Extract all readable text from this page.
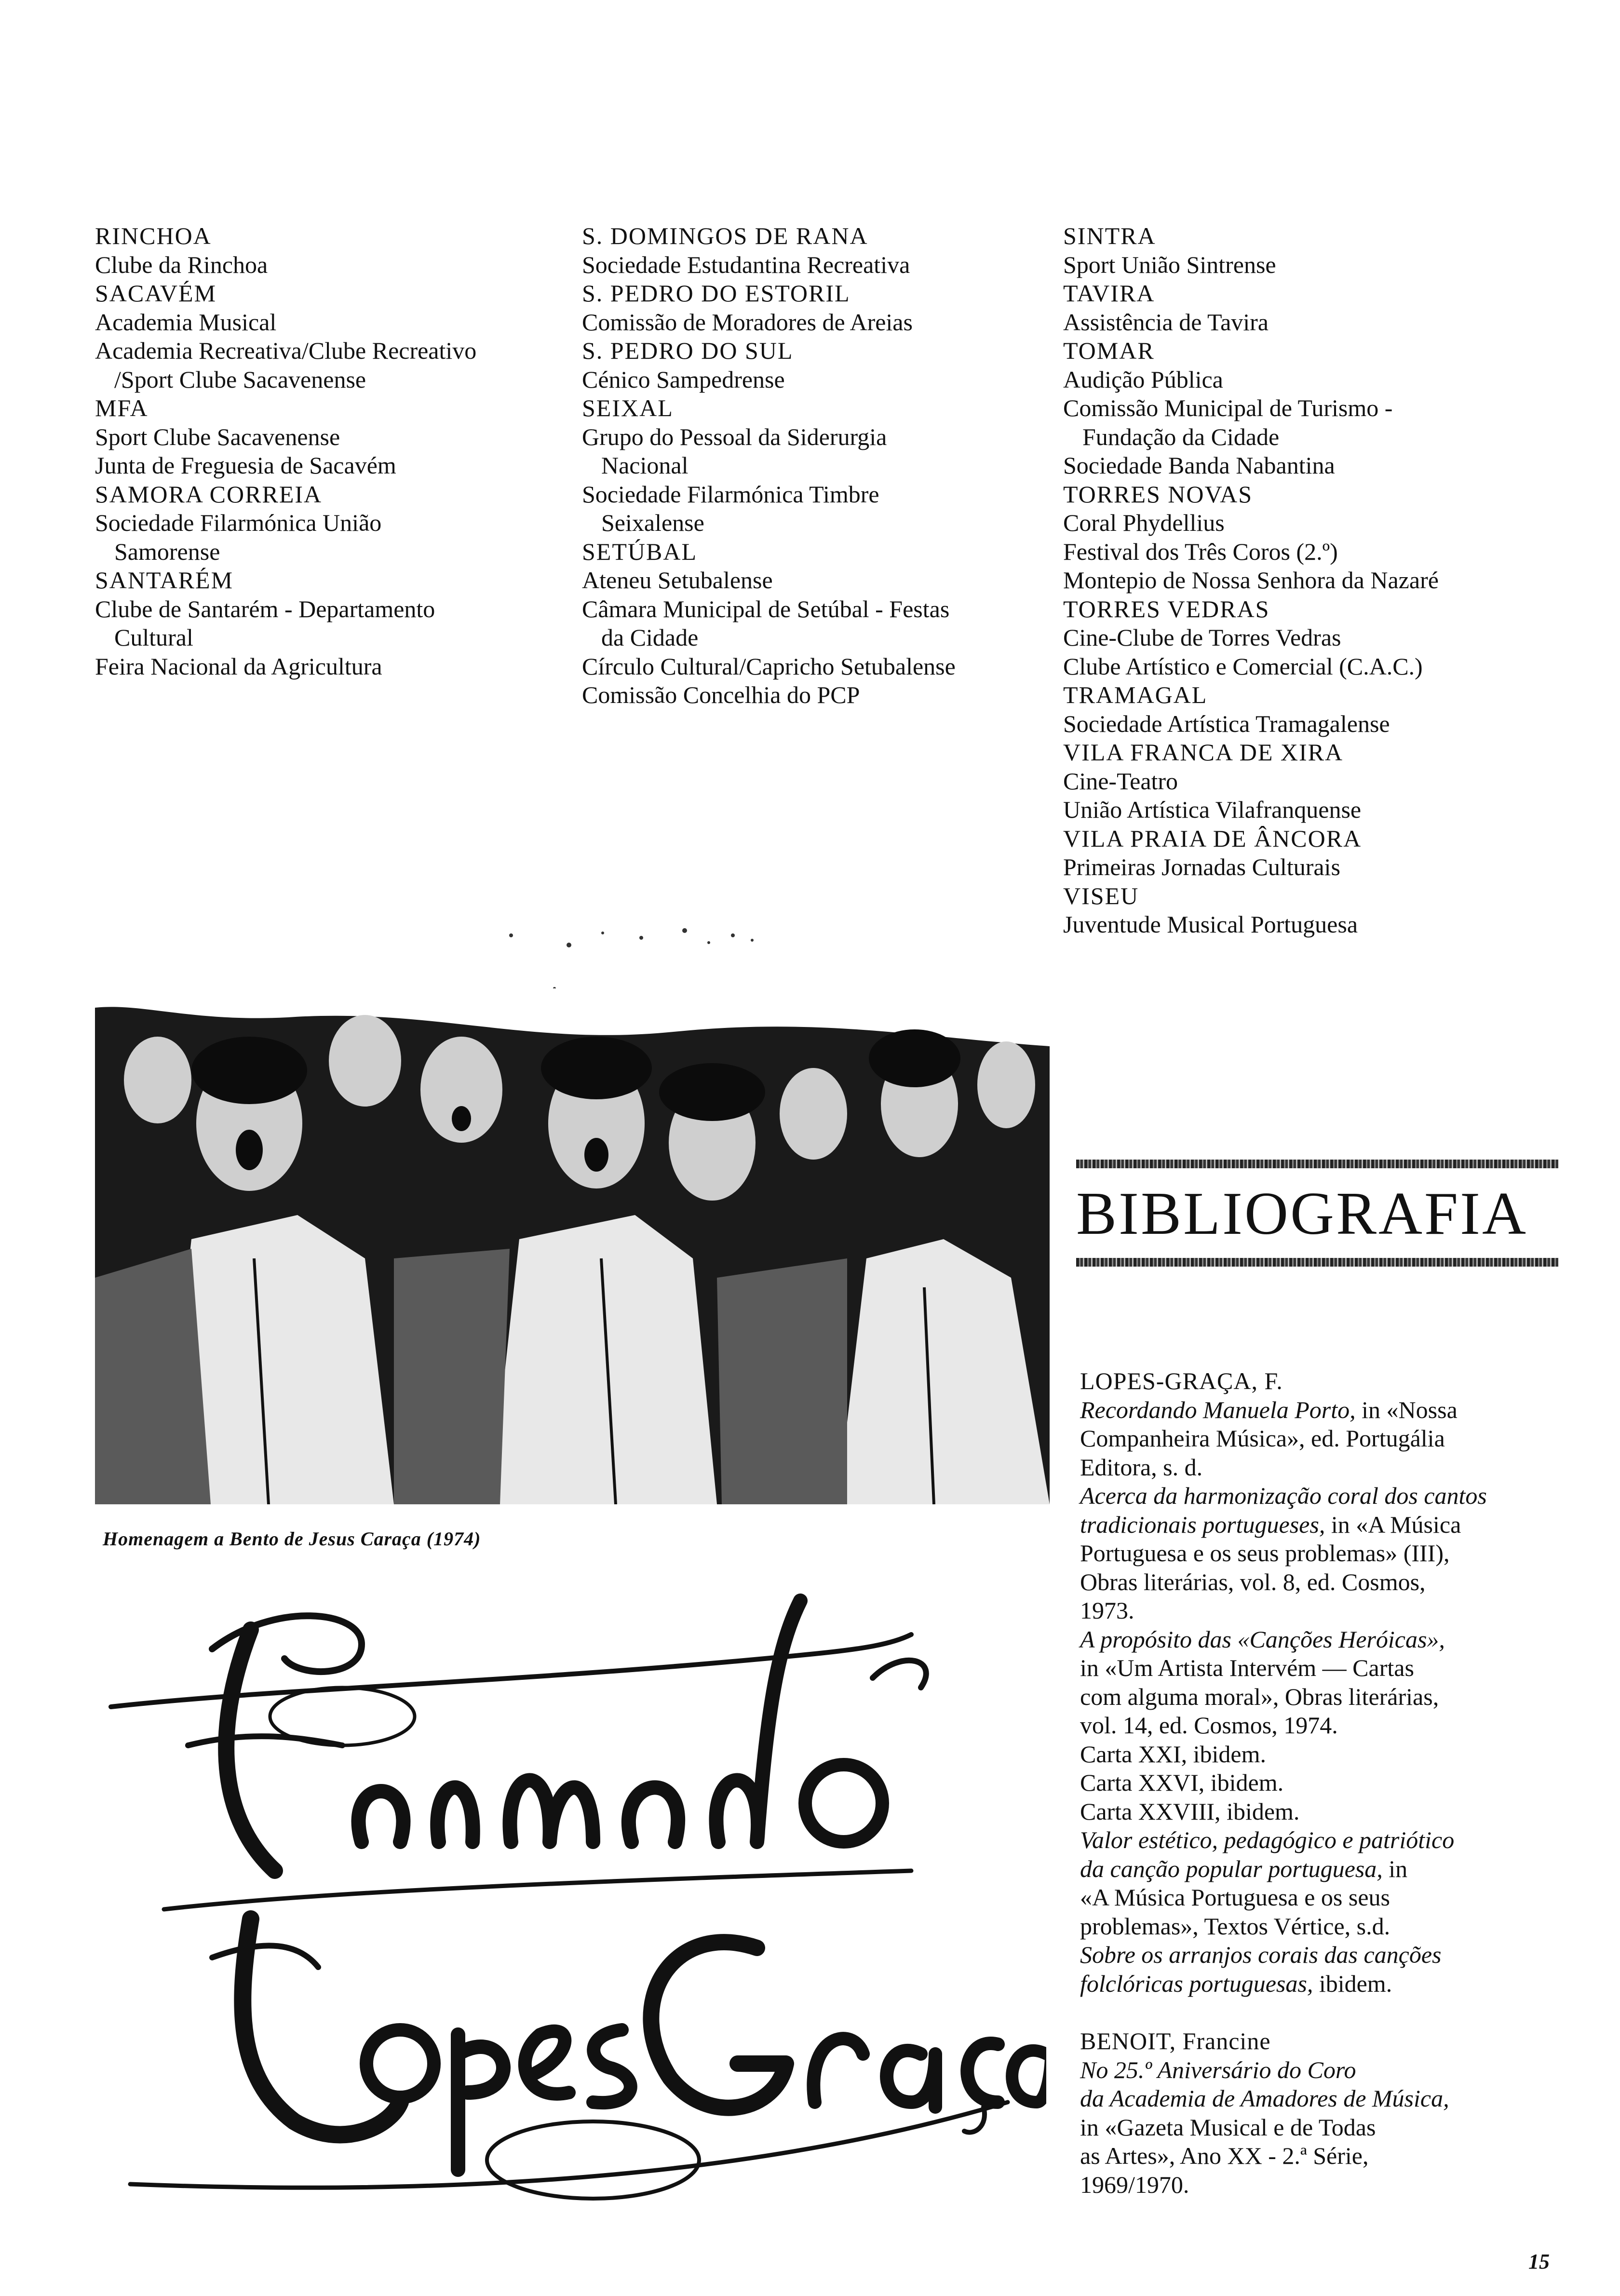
RINCHOA
Clube da Rinchoa
SACAVÉM
Academia Musical
Academia Recreativa/Clube Recreativo
/Sport Clube Sacavenense
MFA
Sport Clube Sacavenense
Junta de Freguesia de Sacavém
SAMORA CORREIA
Sociedade Filarmónica União
Samorense
SANTARÉM
Clube de Santarém - Departamento
Cultural
Feira Nacional da Agricultura
S. DOMINGOS DE RANA
Sociedade Estudantina Recreativa
S. PEDRO DO ESTORIL
Comissão de Moradores de Areias
S. PEDRO DO SUL
Cénico Sampedrense
SEIXAL
Grupo do Pessoal da Siderurgia
Nacional
Sociedade Filarmónica Timbre
Seixalense
SETÚBAL
Ateneu Setubalense
Câmara Municipal de Setúbal - Festas
da Cidade
Círculo Cultural/Capricho Setubalense
Comissão Concelhia do PCP
SINTRA
Sport União Sintrense
TAVIRA
Assistência de Tavira
TOMAR
Audição Pública
Comissão Municipal de Turismo -
Fundação da Cidade
Sociedade Banda Nabantina
TORRES NOVAS
Coral Phydellius
Festival dos Três Coros (2.º)
Montepio de Nossa Senhora da Nazaré
TORRES VEDRAS
Cine-Clube de Torres Vedras
Clube Artístico e Comercial (C.A.C.)
TRAMAGAL
Sociedade Artística Tramagalense
VILA FRANCA DE XIRA
Cine-Teatro
União Artística Vilafranquense
VILA PRAIA DE ÂNCORA
Primeiras Jornadas Culturais
VISEU
Juventude Musical Portuguesa
Homenagem a Bento de Jesus Caraça (1974)
BIBLIOGRAFIA
LOPES-GRAÇA, F.
Recordando Manuela Porto, in «Nossa
Companheira Música», ed. Portugália
Editora, s. d.
Acerca da harmonização coral dos cantos
tradicionais portugueses, in «A Música
Portuguesa e os seus problemas» (III),
Obras literárias, vol. 8, ed. Cosmos,
1973.
A propósito das «Canções Heróicas»,
in «Um Artista Intervém — Cartas
com alguma moral», Obras literárias,
vol. 14, ed. Cosmos, 1974.
Carta XXI, ibidem.
Carta XXVI, ibidem.
Carta XXVIII, ibidem.
Valor estético, pedagógico e patriótico
da canção popular portuguesa, in
«A Música Portuguesa e os seus
problemas», Textos Vértice, s.d.
Sobre os arranjos corais das canções
folclóricas portuguesas, ibidem.
BENOIT, Francine
No 25.º Aniversário do Coro
da Academia de Amadores de Música,
in «Gazeta Musical e de Todas
as Artes», Ano XX - 2.ª Série,
1969/1970.
15
